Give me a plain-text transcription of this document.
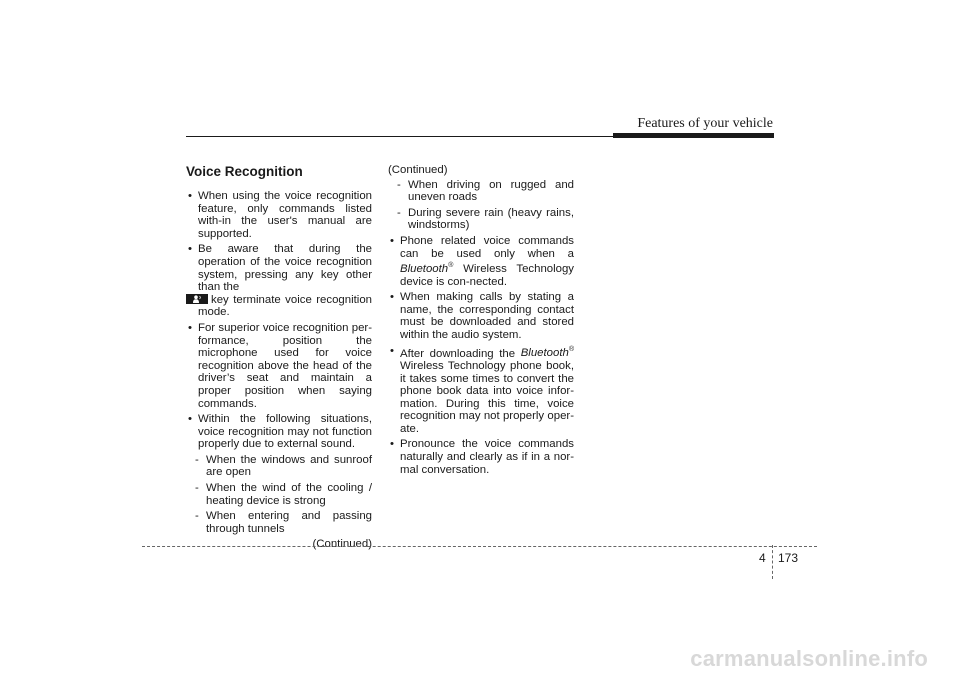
Features of your vehicle
Voice Recognition
• When using the voice recognition feature, only commands listed with-in the user's manual are supported.
• Be aware that during the operation of the voice recognition system, pressing any key other than the

key terminate voice recognition mode.
• For superior voice recognition per-formance, position the microphone used for voice recognition above the head of the driver’s seat and maintain a proper position when saying commands.
• Within the following situations, voice recognition may not function properly due to external sound.
- When the windows and sunroof are open
- When the wind of the cooling / heating device is strong
- When entering and passing through tunnels
(Continued)
(Continued)
- When driving on rugged and uneven roads
- During severe rain (heavy rains, windstorms)
• Phone related voice commands can be used only when a Bluetooth® Wireless Technology device is con-nected.
• When making calls by stating a name, the corresponding contact must be downloaded and stored within the audio system.
• After downloading the Bluetooth® Wireless Technology phone book, it takes some times to convert the phone book data into voice infor-mation. During this time, voice recognition may not properly oper-ate.
• Pronounce the voice commands naturally and clearly as if in a nor-mal conversation.
4 173
carmanualsonline.info
